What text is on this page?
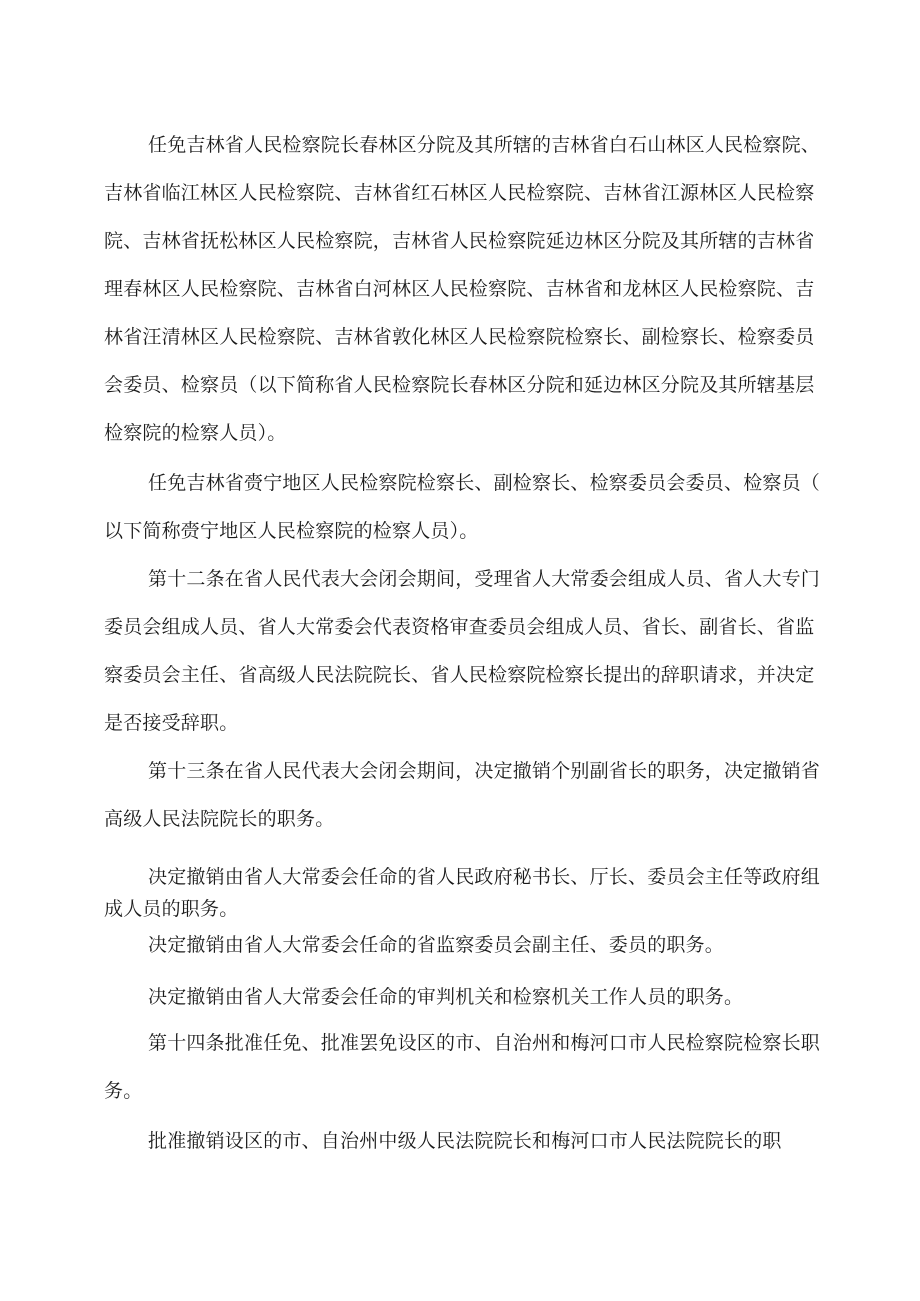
任免吉林省人民检察院长春林区分院及其所辖的吉林省白石山林区人民检察院、吉林省临江林区人民检察院、吉林省红石林区人民检察院、吉林省江源林区人民检察院、吉林省抚松林区人民检察院，吉林省人民检察院延边林区分院及其所辖的吉林省理春林区人民检察院、吉林省白河林区人民检察院、吉林省和龙林区人民检察院、吉林省汪清林区人民检察院、吉林省敦化林区人民检察院检察长、副检察长、检察委员会委员、检察员（以下简称省人民检察院长春林区分院和延边林区分院及其所辖基层检察院的检察人员）。

任免吉林省赍宁地区人民检察院检察长、副检察长、检察委员会委员、检察员（以下简称赍宁地区人民检察院的检察人员）。

第十二条在省人民代表大会闭会期间，受理省人大常委会组成人员、省人大专门委员会组成人员、省人大常委会代表资格审查委员会组成人员、省长、副省长、省监察委员会主任、省高级人民法院院长、省人民检察院检察长提出的辞职请求，并决定是否接受辞职。

第十三条在省人民代表大会闭会期间，决定撤销个别副省长的职务，决定撤销省高级人民法院院长的职务。

决定撤销由省人大常委会任命的省人民政府秘书长、厅长、委员会主任等政府组成人员的职务。

决定撤销由省人大常委会任命的省监察委员会副主任、委员的职务。

决定撤销由省人大常委会任命的审判机关和检察机关工作人员的职务。

第十四条批准任免、批准罢免设区的市、自治州和梅河口市人民检察院检察长职务。

批准撤销设区的市、自治州中级人民法院院长和梅河口市人民法院院长的职
